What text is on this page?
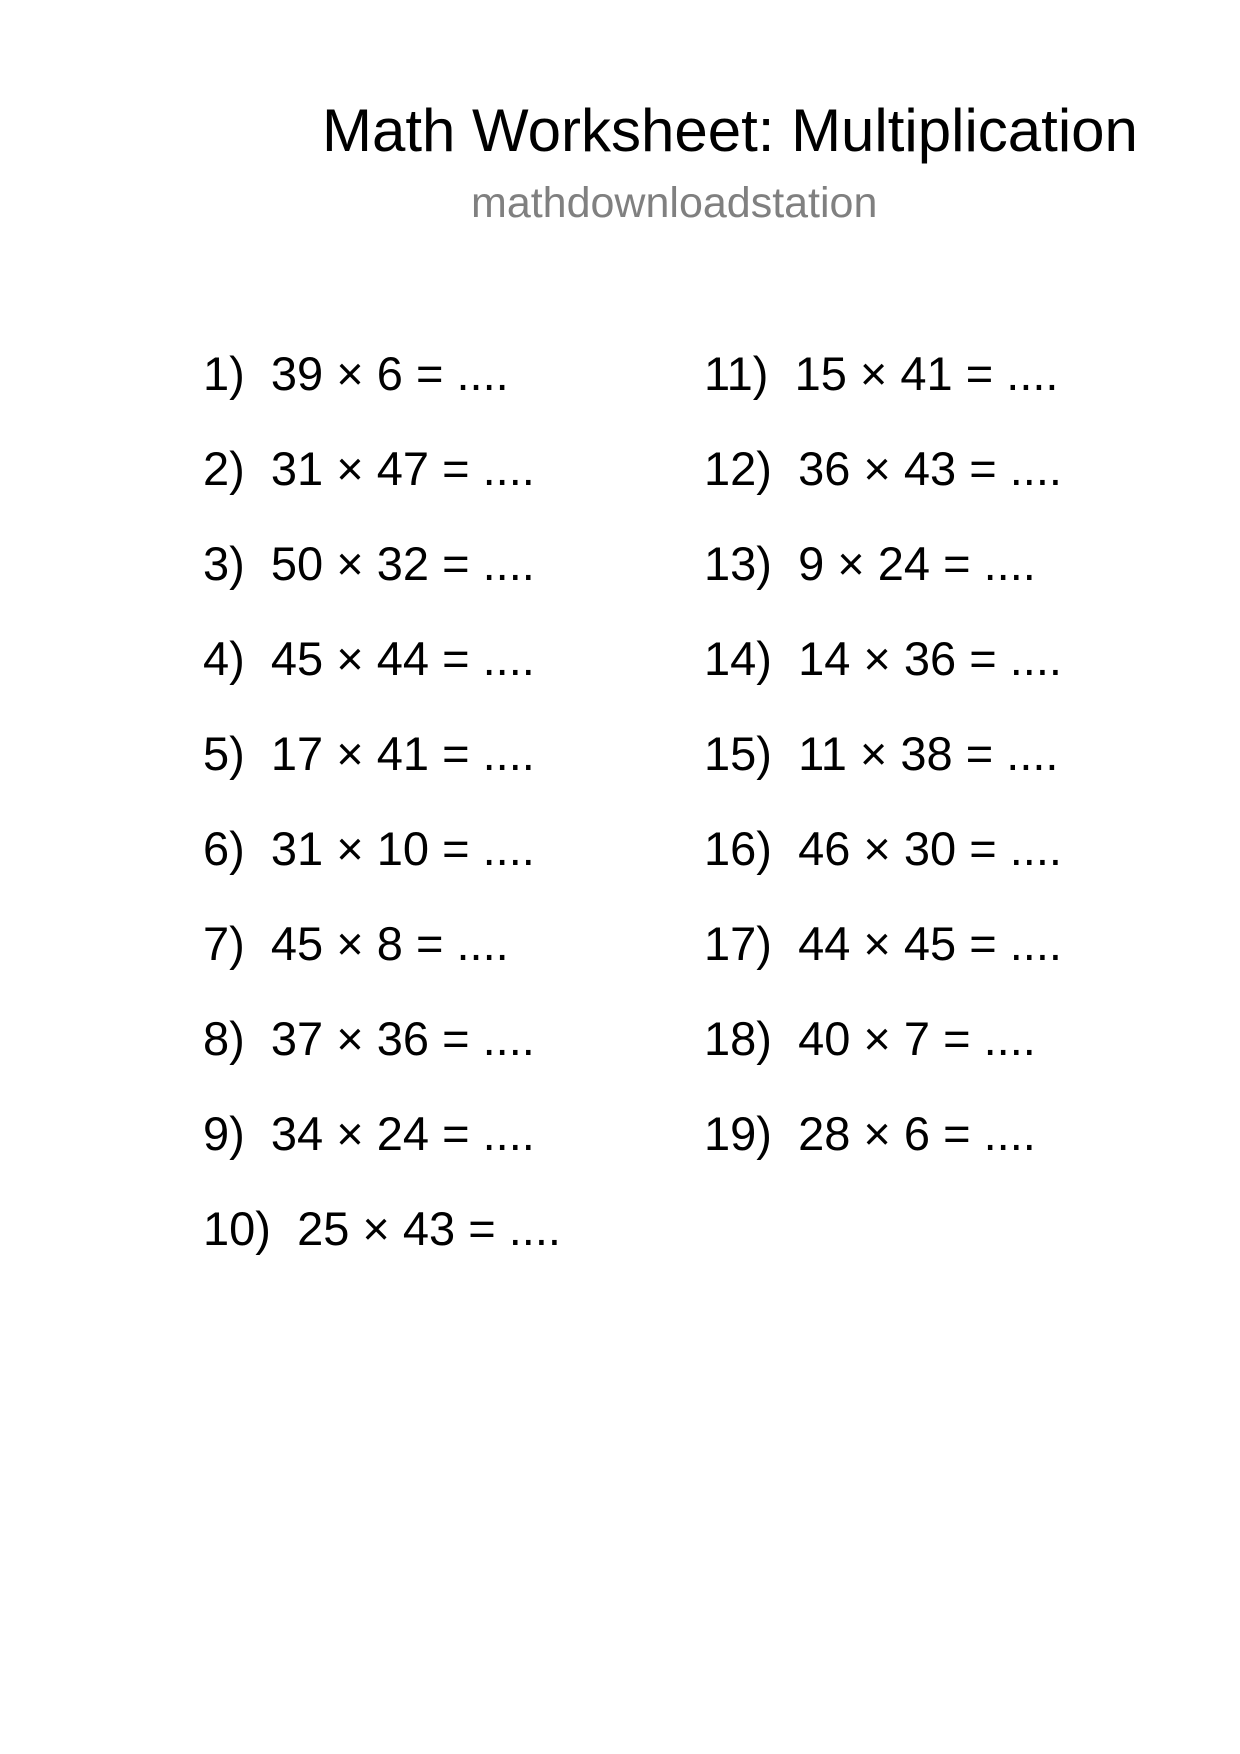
Math Worksheet: Multiplication
mathdownloadstation
1) 39 × 6 = ....
2) 31 × 47 = ....
3) 50 × 32 = ....
4) 45 × 44 = ....
5) 17 × 41 = ....
6) 31 × 10 = ....
7) 45 × 8 = ....
8) 37 × 36 = ....
9) 34 × 24 = ....
10) 25 × 43 = ....
11) 15 × 41 = ....
12) 36 × 43 = ....
13) 9 × 24 = ....
14) 14 × 36 = ....
15) 11 × 38 = ....
16) 46 × 30 = ....
17) 44 × 45 = ....
18) 40 × 7 = ....
19) 28 × 6 = ....
